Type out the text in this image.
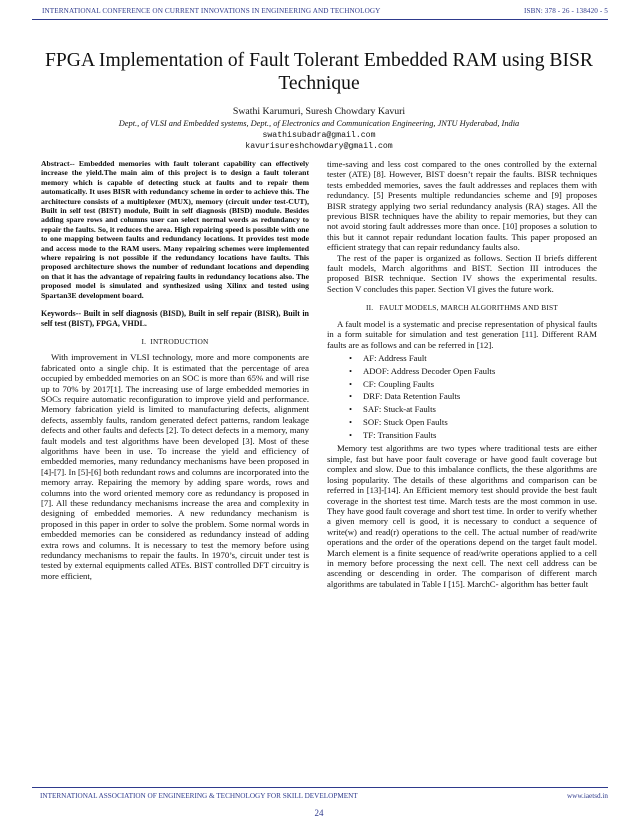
INTERNATIONAL CONFERENCE ON CURRENT INNOVATIONS IN ENGINEERING AND TECHNOLOGY	ISBN: 378 - 26 - 138420 - 5
FPGA Implementation of Fault Tolerant Embedded RAM using BISR Technique
Swathi Karumuri, Suresh Chowdary Kavuri
Dept., of VLSI and Embedded systems, Dept., of Electronics and Communication Engineering, JNTU Hyderabad, India
swathisubadra@gmail.com
kavurisureshchowdary@gmail.com

Abstract-- Embedded memories with fault tolerant capability can effectively increase the yield.The main aim of this project is to design a fault tolerant memory which is capable of detecting stuck at faults and to repair them automatically. It uses BISR with redundancy scheme in order to achieve this. The architecture consists of a multiplexer (MUX), memory (circuit under test-CUT), Built in self test (BIST) module, Built in self diagnosis (BISD) module. Besides adding spare rows and columns user can select normal words as redundancy to repair the faults. So, it reduces the area. High repairing speed is possible with one to one mapping between faults and redundancy locations. It provides test mode and access mode to the RAM users. Many repairing schemes were implemented where repairing is not possible if the redundancy locations have faults. This proposed architecture shows the number of redundant locations and depending on that it has the advantage of repairing faults in redundancy locations also. The proposed model is simulated and synthesized using Xilinx and tested using Spartan3E development board.

Keywords-- Built in self diagnosis (BISD), Built in self repair (BISR), Built in self test (BIST), FPGA, VHDL.

I. INTRODUCTION

With improvement in VLSI technology, more and more components are fabricated onto a single chip. It is estimated that the percentage of area occupied by embedded memories on an SOC is more than 65% and will rise up to 70% by 2017[1]. The increasing use of large embedded memories in SOCs require automatic reconfiguration to improve yield and performance. Memory fabrication yield is limited to manufacturing defects, alignment defects, assembly faults, random generated defect patterns, random leakage defects and other faults and defects [2]. To detect defects in a memory, many fault models and test algorithms have been developed [3]. Most of these algorithms have been in use. To increase the yield and efficiency of embedded memories, many redundancy mechanisms have been proposed in [4]-[7]. In [5]-[6] both redundant rows and columns are incorporated into the memory array. Repairing the memory by adding spare words, rows and columns into the word oriented memory core as redundancy is proposed in [7]. All these redundancy mechanisms increase the area and complexity in designing of embedded memories. A new redundancy mechanism is proposed in this paper in order to solve the problem. Some normal words in embedded memories can be considered as redundancy instead of adding extra rows and columns. It is necessary to test the memory before using redundancy mechanisms to repair the faults. In 1970’s, circuit under test is tested by external equipments called ATEs. BIST controlled DFT circuitry is more efficient,

time-saving and less cost compared to the ones controlled by the external tester (ATE) [8]. However, BIST doesn’t repair the faults. BISR techniques tests embedded memories, saves the fault addresses and replaces them with redundancy. [5] Presents multiple redundancies scheme and [9] proposes BISR strategy applying two serial redundancy analysis (RA) stages. All the previous BISR techniques have the ability to repair memories, but they can not avoid storing fault addresses more than once. [10] proposes a solution to this but it cannot repair redundant location faults. This paper proposed an efficient strategy that can repair redundancy faults also.

The rest of the paper is organized as follows. Section II briefs different fault models, March algorithms and BIST. Section III introduces the proposed BISR technique. Section IV shows the experimental results. Section V concludes this paper. Section VI gives the future work.

II. FAULT MODELS, MARCH ALGORITHMS AND BIST

A fault model is a systematic and precise representation of physical faults in a form suitable for simulation and test generation [11]. Different RAM faults are as follows and can be referred in [12].

• AF: Address Fault
• ADOF: Address Decoder Open Faults
• CF: Coupling Faults
• DRF: Data Retention Faults
• SAF: Stuck-at Faults
• SOF: Stuck Open Faults
• TF: Transition Faults

Memory test algorithms are two types where traditional tests are either simple, fast but have poor fault coverage or have good fault coverage but complex and slow. Due to this imbalance conflicts, the these algorithms are losing popularity. The details of these algorithms and comparison can be referred in [13]-[14]. An Efficient memory test should provide the best fault coverage in the shortest test time. March tests are the most common in use. They have good fault coverage and short test time. In order to verify whether a given memory cell is good, it is necessary to conduct a sequence of write(w) and read(r) operations to the cell. The actual number of read/write operations and the order of the operations depend on the target fault model. March element is a finite sequence of read/write operations applied to a cell in memory before processing the next cell. The next cell address can be ascending or descending in order. The comparison of different march algorithms are tabulated in Table I [15]. MarchC- algorithm has better fault

INTERNATIONAL ASSOCIATION OF ENGINEERING & TECHNOLOGY FOR SKILL DEVELOPMENT	www.iaetsd.in
24
